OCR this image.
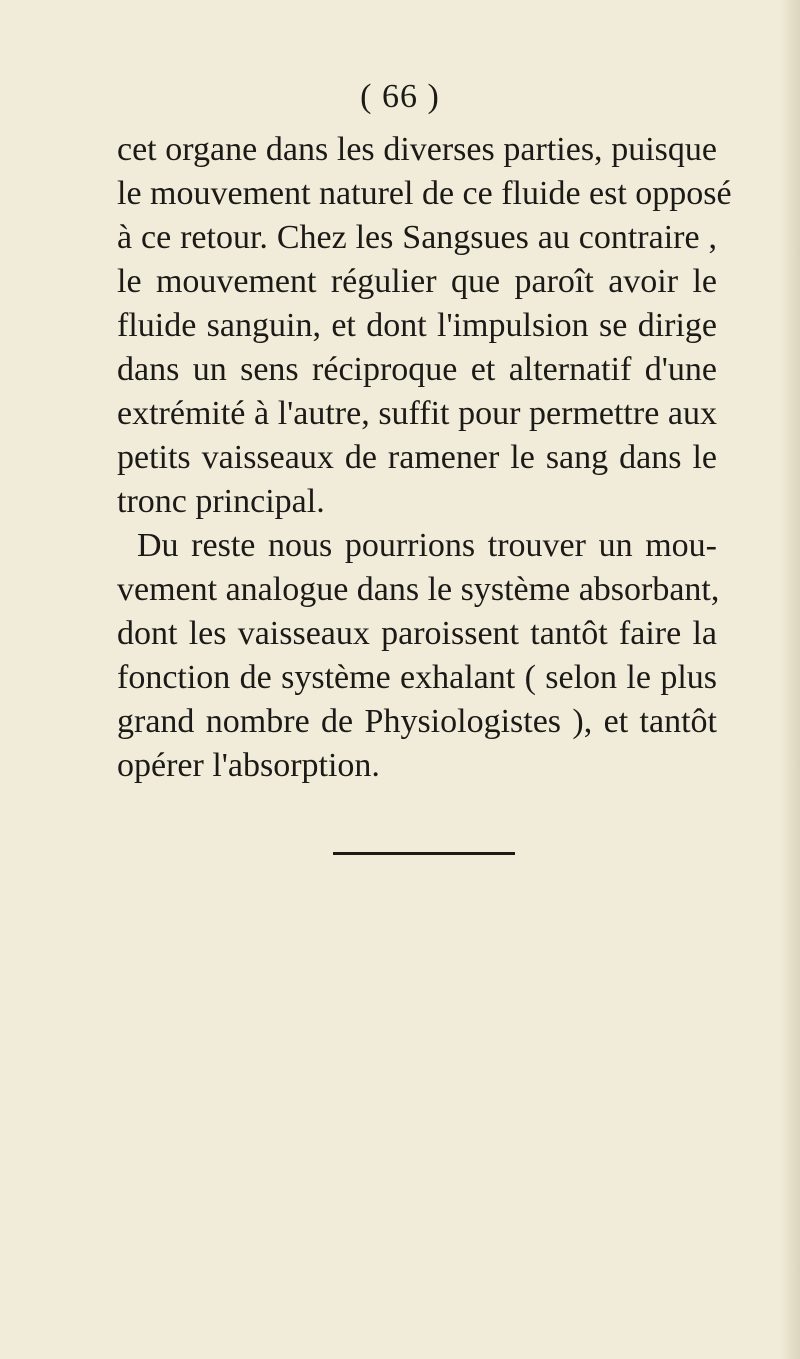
( 66 )
cet organe dans les diverses parties, puisque
le mouvement naturel de ce fluide est opposé
à ce retour. Chez les Sangsues au contraire ,
le mouvement régulier que paroît avoir le
fluide sanguin, et dont l'impulsion se dirige
dans un sens réciproque et alternatif d'une
extrémité à l'autre, suffit pour permettre aux
petits vaisseaux de ramener le sang dans le
tronc principal.
Du reste nous pourrions trouver un mou-
vement analogue dans le système absorbant,
dont les vaisseaux paroissent tantôt faire la
fonction de système exhalant ( selon le plus
grand nombre de Physiologistes ), et tantôt
opérer l'absorption.
